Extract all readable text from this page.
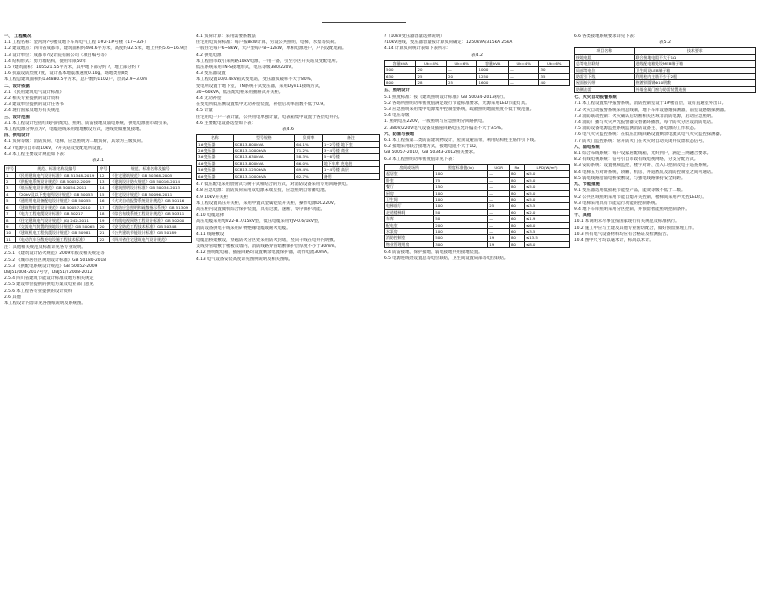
一、 工程概况
1.1 工程名称：金河湾?号楼及地下车库电气工程 1#2-1#号楼（17~32F）
1.2 建设地点：四川省成都市，建筑面积约494.6平方米，高度约32.5米，地上共约5.6~16.9层
1.3 设计单位：成都市?设计院有限公司（项目编号等）
1.4 结构形式：剪力墙结构，使用年限50年
1.5 ?建筑面积：105521.55平方米，其中地下部分约 ?，地上部分约 ?
1.6 抗震设防烈度7度，设计基本地震加速度0.10g，场地类别Ⅱ类
本工程总建筑面积约134880.5平方米，总户数约1102户，层高2.9~3.0m
二、设计依据
2.1 《民用建筑电气设计标准》
2.2 相关专业提供的设计资料
2.3 建设单位提供的设计任务书
2.4 现行国家及地方有关规范
三、设计范围
3.1 本工程设计包括红线内的配电、照明、防雷接地及弱电系统，供电电源由市政引来，
本工程电源分界点为?，电缆进线采用埋地敷设方式，进线处做重复接地。
四、供电设计
4.1 负荷等级：消防负荷、电梯、应急照明为二级负荷，其余为三级负荷。
4.2 ?电源引自市政10kV，?开关站及变配电所设置。
4.3 本工程主要设计规范如下表：
表2.1
序号	规范、标准名称及编号	序号	规范、标准名称及编号
1	《民用建筑电气设计标准》GB 51348-2019	12	《住宅建筑规范》GB 50368-2005
2	《供配电系统设计规范》GB 50052-2009	13	《建筑设计防火规范》GB 50016-2014
3	《低压配电设计规范》GB 50054-2011	14	《建筑照明设计标准》GB 50034-2013
4	《20kV及以下变电所设计规范》GB 50053	15	《住宅设计规范》GB 50096-2011
5	《通用用电设备配电设计规范》GB 50055	16	《火灾自动报警系统设计规范》GB 50116
6	《建筑物防雷设计规范》GB 50057-2010	17	《消防应急照明和疏散指示系统》GB 51309
7	《电力工程电缆设计标准》GB 50217	18	《综合布线系统工程设计规范》GB 50311
8	《住宅建筑电气设计规范》JGJ 242-2011	19	《有线电视网络工程设计标准》GB 50200
9	《交流电气装置的接地设计规范》GB 50065	20	《安全防范工程技术标准》GB 50348
10	《建筑机电工程抗震设计规范》GB 50981	21	《公共建筑节能设计标准》GB 50189
11	《电动汽车分散充电设施工程技术标准》	22	《四川省住宅建筑电气设计规范》
注：其他相关规范及标准详见各专业说明。
2.5.1 《建筑设计防火规范》2009年版及相关规定等
2.5.2 《城市居住区规划设计标准》GB 50180-2018
2.5.3 《供配电系统设计规范》GB 50052-2009
DBJ51/004-2017号令，DBJ51/T2008-2012
2.5.4 四川省建筑节能设计标准及地方相关规定
2.5.5 建设单位提供的供电方案及电业部门意见
2.5.6 本工程各专业提供的设计资料
2.6 其他
本工程设计内容详见各图纸说明及系统图。
4.1 负荷计算：采用需要系数法
住宅用电负荷标准：每户按8kW计算，另设公共照明、电梯、水泵等负荷。
一般住宅每户6~8kW，大户型每户8~12kW，单相电源进户，户内设配电箱。
4.2 供电电源
本工程由市政引来两路10kV电源，一用一备，引至小区开关站及变配电所。
低压系统采用TN-S接地形式，电压等级380/220V。
4.3 变压器设置
本工程设置10/0.4kV箱式变电站，变压器负载率不大于80%，
变电所设置于地下室，TN系统干式变压器，采用Dyn11接线方式，
30~60kVA，低压配电柜采用抽屉式开关柜。
4.4 无功补偿
在变电所低压侧设置集中无功补偿装置，补偿后功率因数不低于0.9。
4.5 计量
住宅用电一户一表计量，公共用电单独计量，电表箱集中设置于各层电井内。
4.6 主要配电设备选型如下表：
表4.6
名称	型号规格	负荷率	备注
1#变压器	SCB13-800kVA	64.1%	1~2号楼 地下室
2#变压器	SCB13-1000kVA	71.2%	3~4号楼 商业
3#变压器	SCB13-630kVA	58.3%	5~6号楼
4#变压器	SCB13-800kVA	66.0%	地下车库 充电桩
5#变压器	SCB13-1250kVA	69.4%	1~4号楼 高层
6#变压器	SCB13-1000kVA	62.7%	备用
4.7 低压配电采用放射式与树干式相结合的方式，对消防设备采用专用回路供电。
4.8 应急电源：消防负荷采用双电源末端互投，应急照明自带蓄电池。
4.9 10kV开关柜
本工程设置高压开关柜，采用中置式金属铠装开关柜，操作电源DC220V。
高压柜内设置微机综合保护装置，具有过流、速断、零序保护功能。
4.10 电缆选择
高压电缆采用YJV22-8.7/15kV型，低压电缆采用YJV-0.6/1kV型，
消防设备供电干线采用矿物绝缘电缆或耐火电缆。
4.11 线路敷设
电缆沿桥架敷设，穿越防火分区处采用防火封堵，竖向干线在电井内明敷。
支线穿管暗敷于楼板及墙内，消防线路穿管暗敷保护层厚度不小于30mm。
4.12 照明配电箱、插座回路均设置剩余电流保护器，动作电流30mA。
4.13 电气设备安装高度详见图例说明及相关图纸。
?（10kV变压器容量选择说明）
?10kV进线，变压器容量按计算负荷确定：1250kVA/315kA 25kA
4.14 计算负荷统计表如下表所示：
表4.2
容量kVA	Uk=4%	Uk=6%	容量kVA	Uk=4%	Uk=6%
500	20	—	1000	—	30
630	25	20	1250	—	35
800	28	25	1600	—	40
五、照明设计
5.1 照度标准：按《建筑照明设计标准》GB 50034-2013执行。
5.2 各场所照明功率密度值满足现行节能标准要求，光源采用LED节能灯具。
5.3 应急照明采用集中电源集中控制型系统，疏散照明地面照度不低于规范值。
5.4 电压等级
1. 照明电压220V，一般照明与应急照明分回路供电。
2. 380V/220V电气设备及插座回路电压允许偏差不大于±5%。
六、防雷与接地
6.1 本工程按第二类防雷建筑物设计，屋顶设避雷带，利用结构柱主筋作引下线。
6.2 接地采用联合接地方式，接地电阻不大于1Ω，
GB 50057-2010，GB 50343-2012相关要求。
6.3 本工程照明功率密度值详见下表：
房间或场所	照度标准值(lx)	UGR	Ra	LPD(W/m²)
起居室	100	—	80	≤5.0
卧室	75	—	80	≤5.0
餐厅	150	—	80	≤5.0
厨房	100	—	80	≤5.0
卫生间	100	—	80	≤5.0
电梯前厅	100	25	60	≤3.5
走道楼梯间	50	—	60	≤2.0
车库	50	—	60	≤1.9
配电室	200	—	80	≤6.0
水泵房	100	—	60	≤3.5
消防控制室	500	19	80	≤13.5
物业管理用房	300	19	80	≤8.0
6.4 防雷接地、保护接地、弱电接地共用接地装置。
6.5 电源进线处设置总等电位联结，卫生间设置局部等电位联结。
6.6 各类接地系统要求详见下表：
表5.2
项目名称	技术要求
接地电阻	联合接地电阻不大于1Ω
总等电位联结	进线配电箱处设MEB端子箱
局部等电位	卫生间设LEB端子箱
防雷引下线	利用柱内主筋不少于2根
屋面接闪带	热镀锌圆钢Φ10明敷
防侧击雷	外墙金属门窗与防雷装置连接
七、火灾自动报警系统
7.1 本工程设置集中报警系统，消防控制室设于1#楼首层，设有直通室外出口。
7.2 火灾自动报警系统采用总线制，地下车库设感烟探测器，前室设感烟探测器。
7.3 消防联动控制：火灾确认后切断相关区域非消防电源，启动应急照明。
7.4 消防广播与火灾声光报警器交替循环播放，每个防火分区设消防电话。
7.5 消防设备电源监控系统监测消防设备主、备电源的工作状态。
7.6 电气火灾监控系统：在低压出线回路设置剩余电流式电气火灾监控探测器。
7.7 防火门监控系统：常开防火门在火灾时自动关闭并反馈状态信号。
八、弱电系统
8.1 综合布线系统：每户设家居配线箱，光纤到户，满足三网融合要求。
8.2 有线电视系统：信号引自市政有线电视网络，分支分配方式。
8.3 安防系统：设置视频监控、楼宇对讲、出入口控制及电子巡查系统。
8.4 电梯五方对讲系统，轿厢、机房、井道底坑及消防控制室之间可通话。
8.5 弱电线路沿弱电桥架敷设，与强电线路保持安全间距。
九、节能措施
9.1 变压器选用低损耗节能型产品，能效等级不低于二级。
9.2 公共区域照明采用节能自熄开关控制，楼梯间采用声光控LED灯。
9.3 电梯采用具有节能运行功能的控制系统。
9.4 地下车库照明采用分区控制，并预留智能照明控制条件。
十、其他
10.1 本说明未尽事宜按国家现行有关规范及标准执行。
10.2 施工中应与土建及其他专业密切配合，做好预留预埋工作。
10.3 所有电气设备材料均应有合格证及检测报告。
10.4 图中尺寸均以毫米计，标高以米计。
